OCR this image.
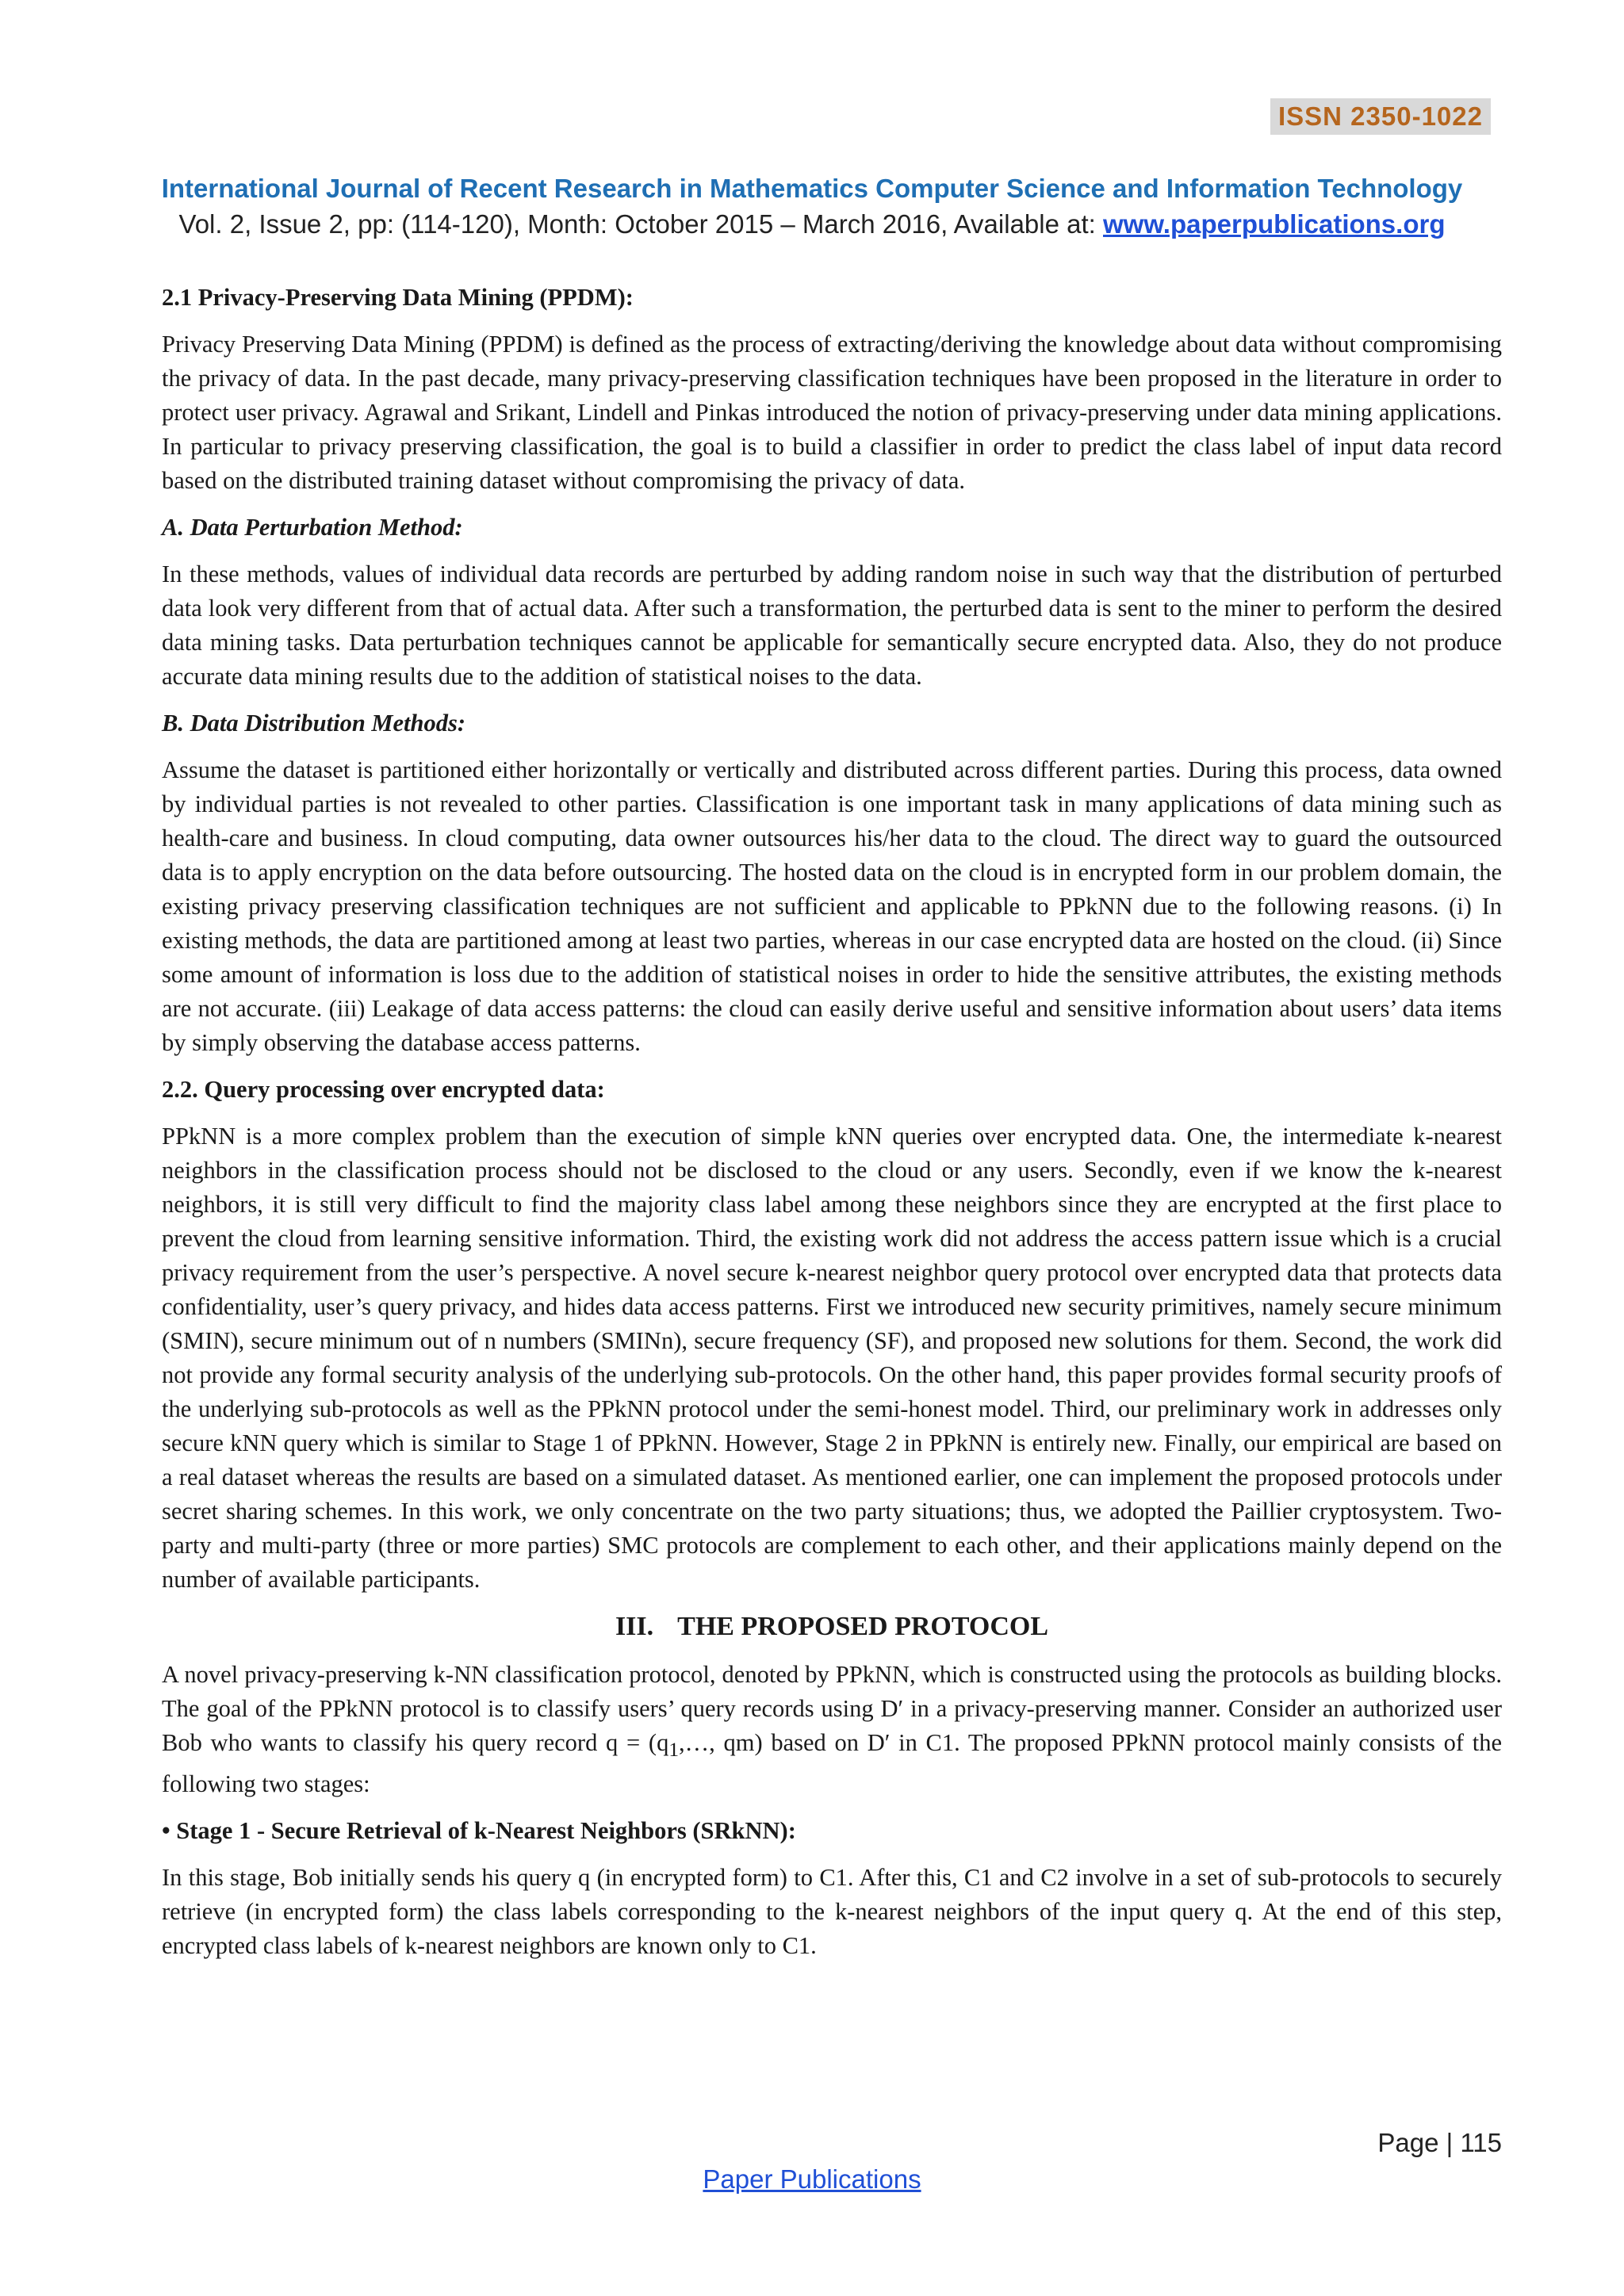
ISSN 2350-1022
International Journal of Recent Research in Mathematics Computer Science and Information Technology
Vol. 2, Issue 2, pp: (114-120), Month: October 2015 – March 2016, Available at: www.paperpublications.org
2.1 Privacy-Preserving Data Mining (PPDM):

Privacy Preserving Data Mining (PPDM) is defined as the process of extracting/deriving the knowledge about data without compromising the privacy of data. In the past decade, many privacy-preserving classification techniques have been proposed in the literature in order to protect user privacy. Agrawal and Srikant, Lindell and Pinkas introduced the notion of privacy-preserving under data mining applications. In particular to privacy preserving classification, the goal is to build a classifier in order to predict the class label of input data record based on the distributed training dataset without compromising the privacy of data.

A. Data Perturbation Method:

In these methods, values of individual data records are perturbed by adding random noise in such way that the distribution of perturbed data look very different from that of actual data. After such a transformation, the perturbed data is sent to the miner to perform the desired data mining tasks. Data perturbation techniques cannot be applicable for semantically secure encrypted data. Also, they do not produce accurate data mining results due to the addition of statistical noises to the data.

B. Data Distribution Methods:

Assume the dataset is partitioned either horizontally or vertically and distributed across different parties. During this process, data owned by individual parties is not revealed to other parties. Classification is one important task in many applications of data mining such as health-care and business. In cloud computing, data owner outsources his/her data to the cloud. The direct way to guard the outsourced data is to apply encryption on the data before outsourcing. The hosted data on the cloud is in encrypted form in our problem domain, the existing privacy preserving classification techniques are not sufficient and applicable to PPkNN due to the following reasons. (i) In existing methods, the data are partitioned among at least two parties, whereas in our case encrypted data are hosted on the cloud. (ii) Since some amount of information is loss due to the addition of statistical noises in order to hide the sensitive attributes, the existing methods are not accurate. (iii) Leakage of data access patterns: the cloud can easily derive useful and sensitive information about users’ data items by simply observing the database access patterns.

2.2. Query processing over encrypted data:

PPkNN is a more complex problem than the execution of simple kNN queries over encrypted data. One, the intermediate k-nearest neighbors in the classification process should not be disclosed to the cloud or any users. Secondly, even if we know the k-nearest neighbors, it is still very difficult to find the majority class label among these neighbors since they are encrypted at the first place to prevent the cloud from learning sensitive information. Third, the existing work did not address the access pattern issue which is a crucial privacy requirement from the user’s perspective. A novel secure k-nearest neighbor query protocol over encrypted data that protects data confidentiality, user’s query privacy, and hides data access patterns. First we introduced new security primitives, namely secure minimum (SMIN), secure minimum out of n numbers (SMINn), secure frequency (SF), and proposed new solutions for them. Second, the work did not provide any formal security analysis of the underlying sub-protocols. On the other hand, this paper provides formal security proofs of the underlying sub-protocols as well as the PPkNN protocol under the semi-honest model. Third, our preliminary work in addresses only secure kNN query which is similar to Stage 1 of PPkNN. However, Stage 2 in PPkNN is entirely new. Finally, our empirical are based on a real dataset whereas the results are based on a simulated dataset. As mentioned earlier, one can implement the proposed protocols under secret sharing schemes. In this work, we only concentrate on the two party situations; thus, we adopted the Paillier cryptosystem. Two-party and multi-party (three or more parties) SMC protocols are complement to each other, and their applications mainly depend on the number of available participants.

III. THE PROPOSED PROTOCOL

A novel privacy-preserving k-NN classification protocol, denoted by PPkNN, which is constructed using the protocols as building blocks. The goal of the PPkNN protocol is to classify users’ query records using D′ in a privacy-preserving manner. Consider an authorized user Bob who wants to classify his query record $q = (q_1,\dots$, qm) based on D′ in C1. The proposed PPkNN protocol mainly consists of the following two stages:

• Stage 1 - Secure Retrieval of k-Nearest Neighbors (SRkNN):

In this stage, Bob initially sends his query q (in encrypted form) to C1. After this, C1 and C2 involve in a set of sub-protocols to securely retrieve (in encrypted form) the class labels corresponding to the k-nearest neighbors of the input query q. At the end of this step, encrypted class labels of k-nearest neighbors are known only to C1.

Page | 115
Paper Publications
